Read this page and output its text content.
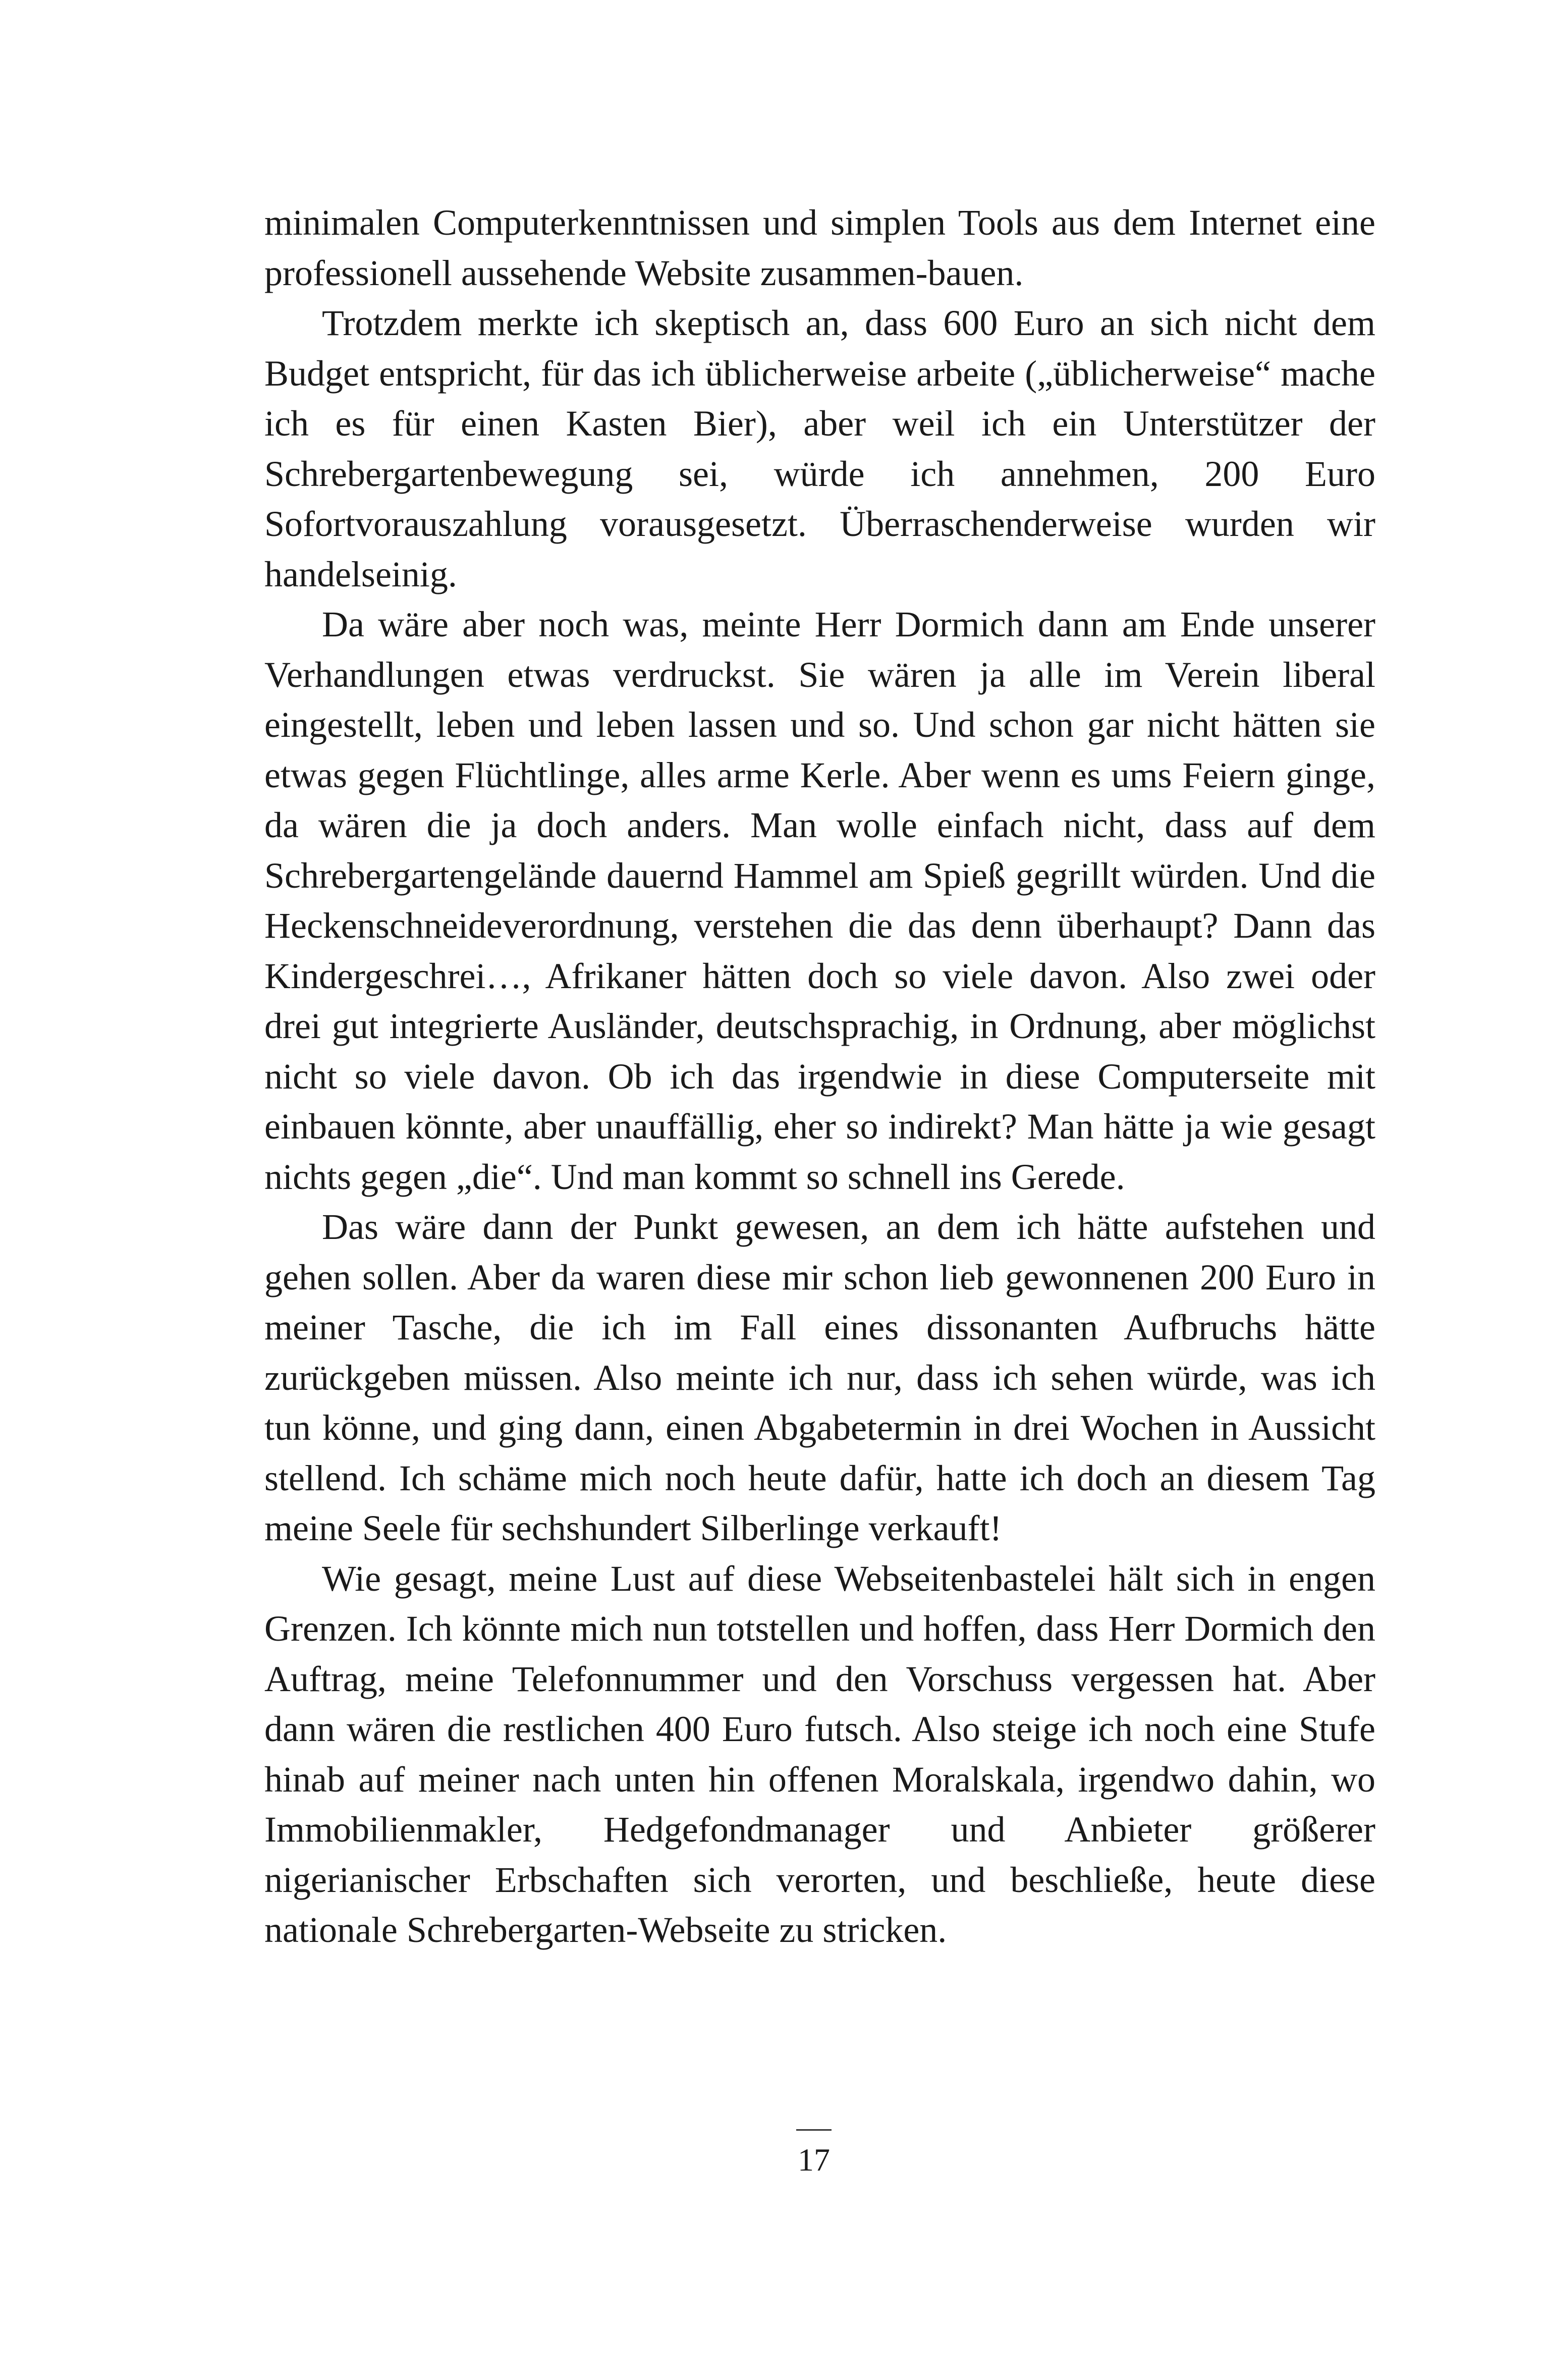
minimalen Computerkenntnissen und simplen Tools aus dem Internet eine professionell aussehende Website zusammen-bauen.

Trotzdem merkte ich skeptisch an, dass 600 Euro an sich nicht dem Budget entspricht, für das ich üblicherweise arbeite („üblicherweise“ mache ich es für einen Kasten Bier), aber weil ich ein Unterstützer der Schrebergartenbewegung sei, würde ich annehmen, 200 Euro Sofortvorauszahlung vorausgesetzt. Überraschenderweise wurden wir handelseinig.

Da wäre aber noch was, meinte Herr Dormich dann am Ende unserer Verhandlungen etwas verdruckst. Sie wären ja alle im Verein liberal eingestellt, leben und leben lassen und so. Und schon gar nicht hätten sie etwas gegen Flüchtlinge, alles arme Kerle. Aber wenn es ums Feiern ginge, da wären die ja doch anders. Man wolle einfach nicht, dass auf dem Schrebergartengelände dauernd Hammel am Spieß gegrillt würden. Und die Heckenschneideverordnung, verstehen die das denn überhaupt? Dann das Kindergeschrei…, Afrikaner hätten doch so viele davon. Also zwei oder drei gut integrierte Ausländer, deutschsprachig, in Ordnung, aber möglichst nicht so viele davon. Ob ich das irgendwie in diese Computerseite mit einbauen könnte, aber unauffällig, eher so indirekt? Man hätte ja wie gesagt nichts gegen „die“. Und man kommt so schnell ins Gerede.

Das wäre dann der Punkt gewesen, an dem ich hätte aufstehen und gehen sollen. Aber da waren diese mir schon lieb gewonnenen 200 Euro in meiner Tasche, die ich im Fall eines dissonanten Aufbruchs hätte zurückgeben müssen. Also meinte ich nur, dass ich sehen würde, was ich tun könne, und ging dann, einen Abgabetermin in drei Wochen in Aussicht stellend. Ich schäme mich noch heute dafür, hatte ich doch an diesem Tag meine Seele für sechshundert Silberlinge verkauft!

Wie gesagt, meine Lust auf diese Webseitenbastelei hält sich in engen Grenzen. Ich könnte mich nun totstellen und hoffen, dass Herr Dormich den Auftrag, meine Telefonnummer und den Vorschuss vergessen hat. Aber dann wären die restlichen 400 Euro futsch. Also steige ich noch eine Stufe hinab auf meiner nach unten hin offenen Moralskala, irgendwo dahin, wo Immobilienmakler, Hedgefondmanager und Anbieter größerer nigerianischer Erbschaften sich verorten, und beschließe, heute diese nationale Schrebergarten-Webseite zu stricken.

17
